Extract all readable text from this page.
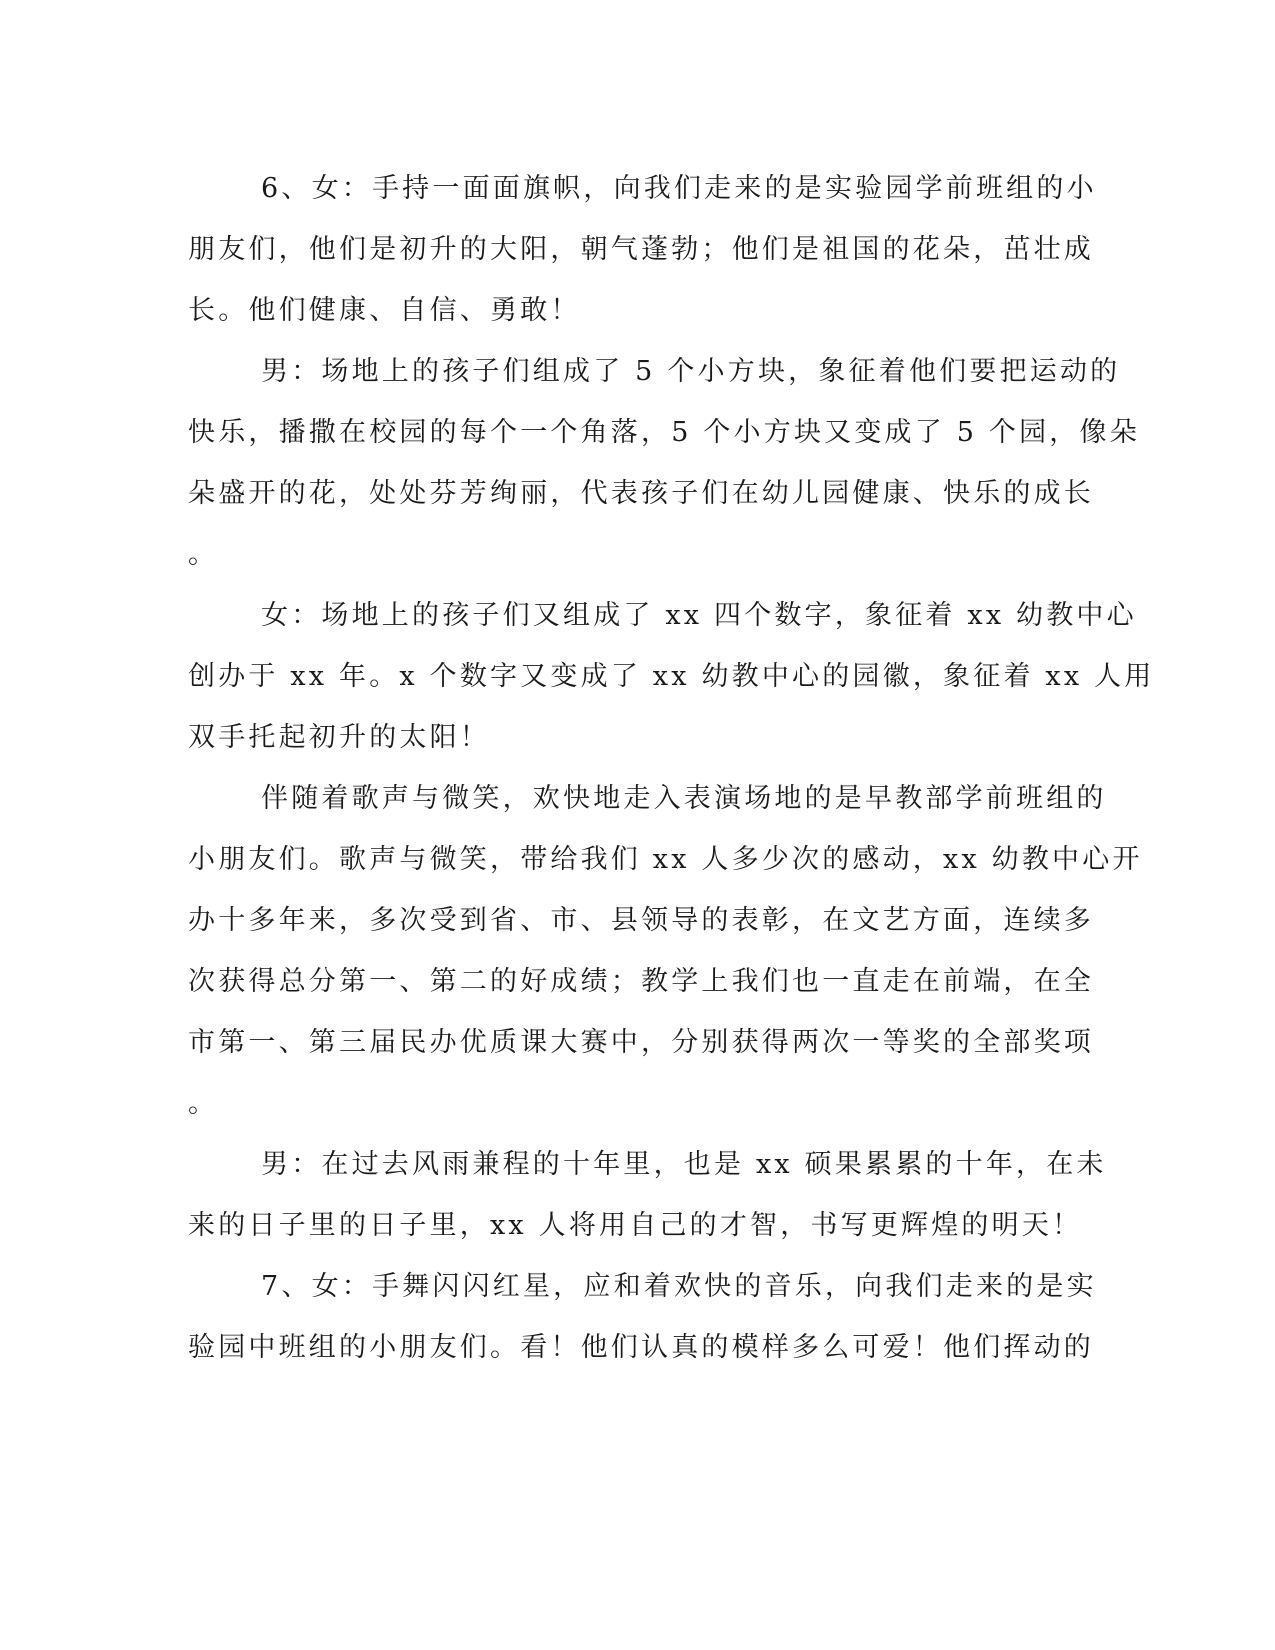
6、女：手持一面面旗帜，向我们走来的是实验园学前班组的小
朋友们，他们是初升的大阳，朝气蓬勃；他们是祖国的花朵，茁壮成
长。他们健康、自信、勇敢！
男：场地上的孩子们组成了 5 个小方块，象征着他们要把运动的
快乐，播撒在校园的每个一个角落，5 个小方块又变成了 5 个园，像朵
朵盛开的花，处处芬芳绚丽，代表孩子们在幼儿园健康、快乐的成长
。
女：场地上的孩子们又组成了 xx 四个数字，象征着 xx 幼教中心
创办于 xx 年。x 个数字又变成了 xx 幼教中心的园徽，象征着 xx 人用
双手托起初升的太阳！
伴随着歌声与微笑，欢快地走入表演场地的是早教部学前班组的
小朋友们。歌声与微笑，带给我们 xx 人多少次的感动，xx 幼教中心开
办十多年来，多次受到省、市、县领导的表彰，在文艺方面，连续多
次获得总分第一、第二的好成绩；教学上我们也一直走在前端，在全
市第一、第三届民办优质课大赛中，分别获得两次一等奖的全部奖项
。
男：在过去风雨兼程的十年里，也是 xx 硕果累累的十年，在未
来的日子里的日子里，xx 人将用自己的才智，书写更辉煌的明天！
7、女：手舞闪闪红星，应和着欢快的音乐，向我们走来的是实
验园中班组的小朋友们。看！他们认真的模样多么可爱！他们挥动的
